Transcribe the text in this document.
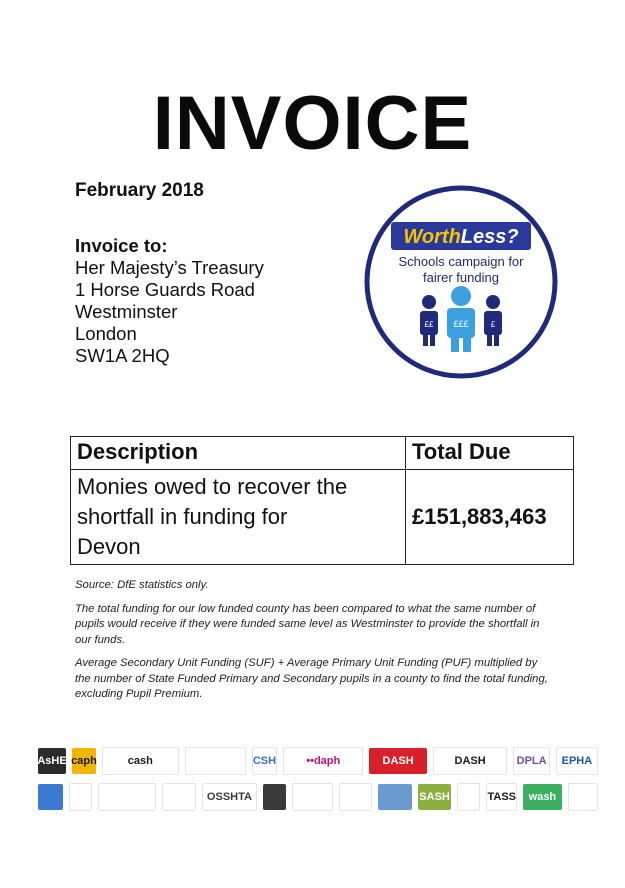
INVOICE
February 2018
Invoice to:
Her Majesty’s Treasury
1 Horse Guards Road
Westminster
London
SW1A 2HQ
WorthLess?
Schools campaign for
fairer funding
££ £££	£
Description	Total Due

Monies owed to recover the
shortfall in funding for
Devon	£151,883,463

Source: DfE statistics only.

The total funding for our low funded county has been compared to what the same number of pupils would receive if they were funded same level as Westminster to provide the shortfall in our funds.

Average Secondary Unit Funding (SUF) + Average Primary Unit Funding (PUF) multiplied by the number of State Funded Primary and Secondary pupils in a county to find the total funding, excluding Pupil Premium.

AsHE caph	cash	CSH	••daph	DASH	DASH	DPLA	EPHA
OSSHTA	SASH	TASS	wash
